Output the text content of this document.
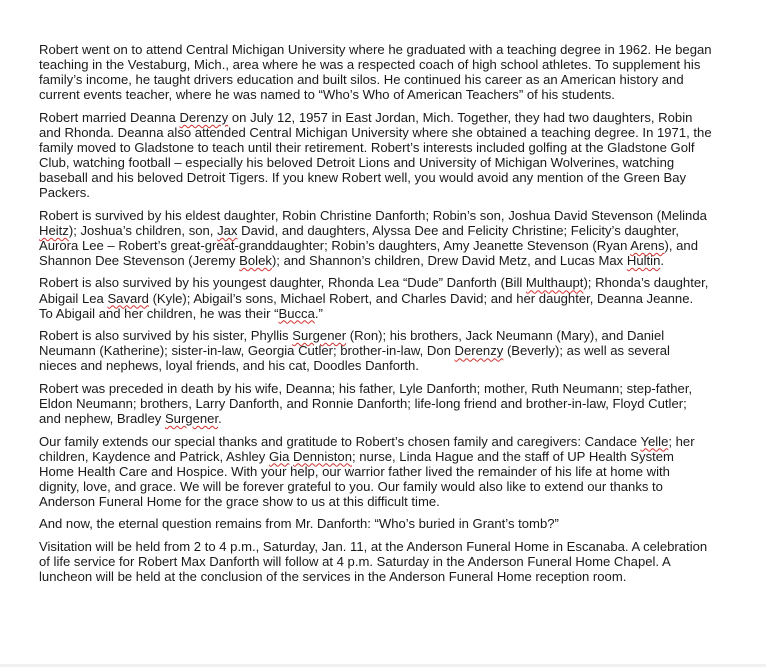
Robert went on to attend Central Michigan University where he graduated with a teaching degree in 1962. He began
teaching in the Vestaburg, Mich., area where he was a respected coach of high school athletes. To supplement his
family’s income, he taught drivers education and built silos. He continued his career as an American history and
current events teacher, where he was named to “Who’s Who of American Teachers” of his students.

Robert married Deanna Derenzy on July 12, 1957 in East Jordan, Mich. Together, they had two daughters, Robin
and Rhonda. Deanna also attended Central Michigan University where she obtained a teaching degree. In 1971, the
family moved to Gladstone to teach until their retirement. Robert’s interests included golfing at the Gladstone Golf
Club, watching football – especially his beloved Detroit Lions and University of Michigan Wolverines, watching
baseball and his beloved Detroit Tigers. If you knew Robert well, you would avoid any mention of the Green Bay
Packers.

Robert is survived by his eldest daughter, Robin Christine Danforth; Robin’s son, Joshua David Stevenson (Melinda
Heitz); Joshua’s children, son, Jax David, and daughters, Alyssa Dee and Felicity Christine; Felicity’s daughter,
Aurora Lee – Robert’s great-great-granddaughter; Robin’s daughters, Amy Jeanette Stevenson (Ryan Arens), and
Shannon Dee Stevenson (Jeremy Bolek); and Shannon’s children, Drew David Metz, and Lucas Max Hultin.

Robert is also survived by his youngest daughter, Rhonda Lea “Dude” Danforth (Bill Multhaupt); Rhonda’s daughter,
Abigail Lea Savard (Kyle); Abigail’s sons, Michael Robert, and Charles David; and her daughter, Deanna Jeanne.
To Abigail and her children, he was their “Bucca.”

Robert is also survived by his sister, Phyllis Surgener (Ron); his brothers, Jack Neumann (Mary), and Daniel
Neumann (Katherine); sister-in-law, Georgia Cutler; brother-in-law, Don Derenzy (Beverly); as well as several
nieces and nephews, loyal friends, and his cat, Doodles Danforth.

Robert was preceded in death by his wife, Deanna; his father, Lyle Danforth; mother, Ruth Neumann; step-father,
Eldon Neumann; brothers, Larry Danforth, and Ronnie Danforth; life-long friend and brother-in-law, Floyd Cutler;
and nephew, Bradley Surgener.

Our family extends our special thanks and gratitude to Robert’s chosen family and caregivers: Candace Yelle; her
children, Kaydence and Patrick, Ashley Gia Denniston; nurse, Linda Hague and the staff of UP Health System
Home Health Care and Hospice. With your help, our warrior father lived the remainder of his life at home with
dignity, love, and grace. We will be forever grateful to you. Our family would also like to extend our thanks to
Anderson Funeral Home for the grace show to us at this difficult time.

And now, the eternal question remains from Mr. Danforth: “Who’s buried in Grant’s tomb?”

Visitation will be held from 2 to 4 p.m., Saturday, Jan. 11, at the Anderson Funeral Home in Escanaba. A celebration
of life service for Robert Max Danforth will follow at 4 p.m. Saturday in the Anderson Funeral Home Chapel. A
luncheon will be held at the conclusion of the services in the Anderson Funeral Home reception room.
